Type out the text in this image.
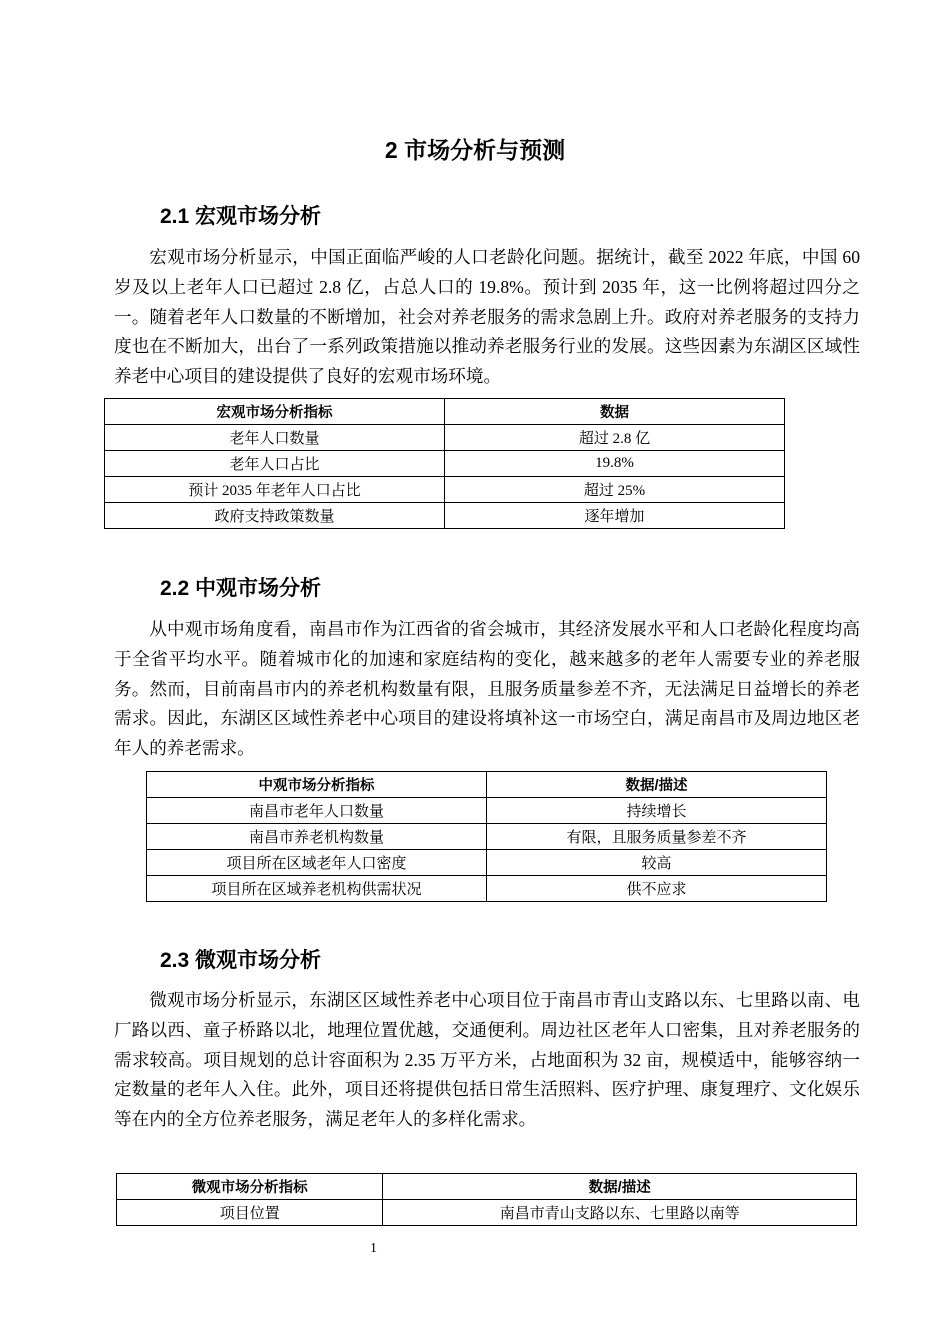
2 市场分析与预测
2.1 宏观市场分析

宏观市场分析显示，中国正面临严峻的人口老龄化问题。据统计，截至 2022 年底，中国 60 岁及以上老年人口已超过 2.8 亿，占总人口的 19.8%。预计到 2035 年，这一比例将超过四分之一。随着老年人口数量的不断增加，社会对养老服务的需求急剧上升。政府对养老服务的支持力度也在不断加大，出台了一系列政策措施以推动养老服务行业的发展。这些因素为东湖区区域性养老中心项目的建设提供了良好的宏观市场环境。

宏观市场分析指标	数据
老年人口数量	超过 2.8 亿
老年人口占比	19.8%
预计 2035 年老年人口占比	超过 25%
政府支持政策数量	逐年增加
2.2 中观市场分析

从中观市场角度看，南昌市作为江西省的省会城市，其经济发展水平和人口老龄化程度均高于全省平均水平。随着城市化的加速和家庭结构的变化，越来越多的老年人需要专业的养老服务。然而，目前南昌市内的养老机构数量有限，且服务质量参差不齐，无法满足日益增长的养老需求。因此，东湖区区域性养老中心项目的建设将填补这一市场空白，满足南昌市及周边地区老年人的养老需求。

中观市场分析指标	数据/描述
南昌市老年人口数量	持续增长
南昌市养老机构数量	有限，且服务质量参差不齐
项目所在区域老年人口密度	较高
项目所在区域养老机构供需状况	供不应求
2.3 微观市场分析

微观市场分析显示，东湖区区域性养老中心项目位于南昌市青山支路以东、七里路以南、电厂路以西、童子桥路以北，地理位置优越，交通便利。周边社区老年人口密集，且对养老服务的需求较高。项目规划的总计容面积为 2.35 万平方米，占地面积为 32 亩，规模适中，能够容纳一定数量的老年人入住。此外，项目还将提供包括日常生活照料、医疗护理、康复理疗、文化娱乐等在内的全方位养老服务，满足老年人的多样化需求。

微观市场分析指标	数据/描述
项目位置	南昌市青山支路以东、七里路以南等
1
